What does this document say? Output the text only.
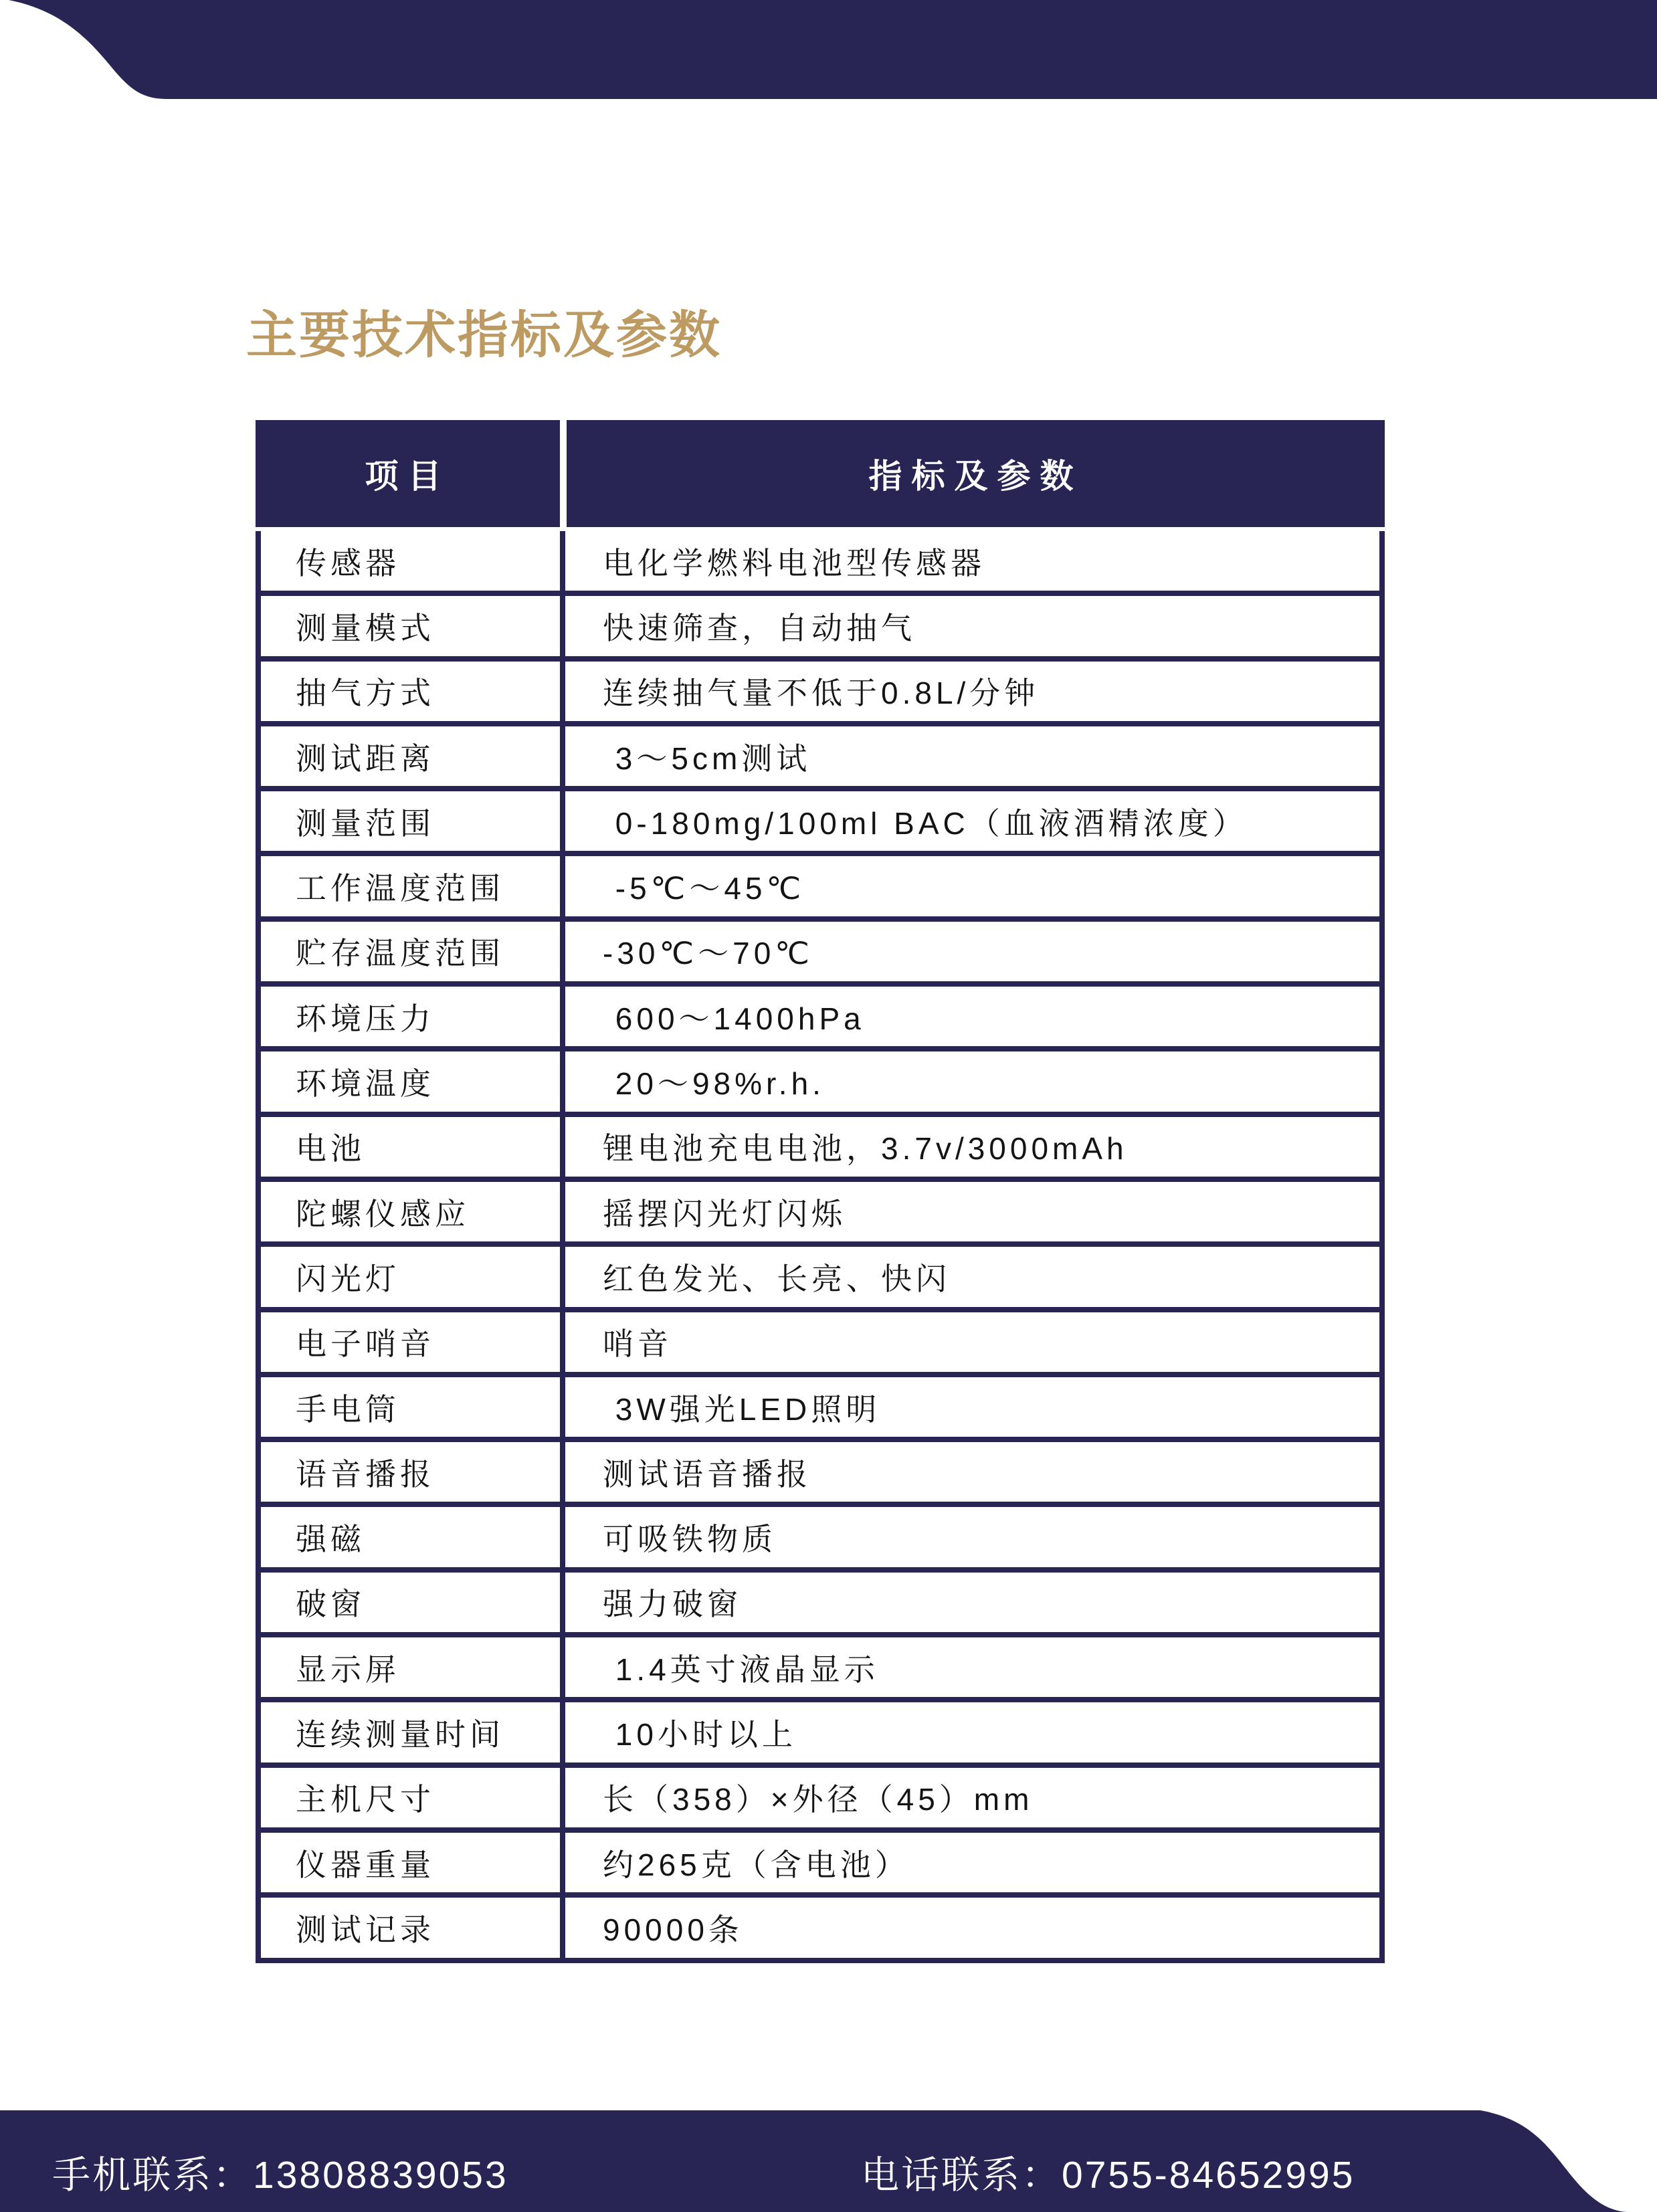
主要技术指标及参数
项目	指标及参数
传感器	电化学燃料电池型传感器
测量模式	快速筛查，自动抽气
抽气方式	连续抽气量不低于0.8L/分钟
测试距离	3～5cm测试
测量范围	0-180mg/100ml BAC（血液酒精浓度）
工作温度范围	-5℃～45℃
贮存温度范围	-30℃～70℃
环境压力	600～1400hPa
环境温度	20～98%r.h.
电池	锂电池充电电池，3.7v/3000mAh
陀螺仪感应	摇摆闪光灯闪烁
闪光灯	红色发光、长亮、快闪
电子哨音	哨音
手电筒	3W强光LED照明
语音播报	测试语音播报
强磁	可吸铁物质
破窗	强力破窗
显示屏	1.4英寸液晶显示
连续测量时间	10小时以上
主机尺寸	长（358）×外径（45）mm
仪器重量	约265克（含电池）
测试记录	90000条
手机联系：13808839053	电话联系：0755-84652995
